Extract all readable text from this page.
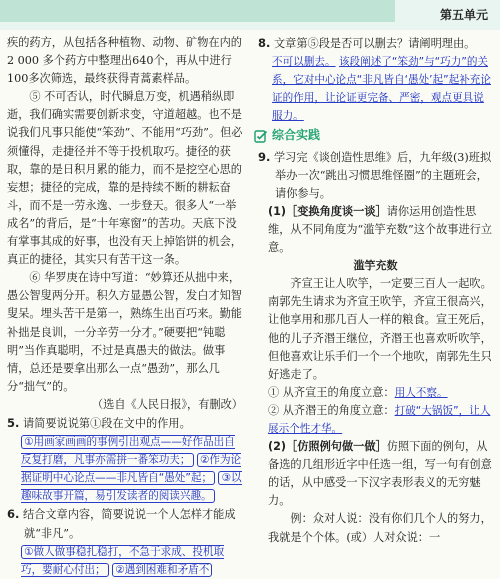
第五单元

疾的药方，从包括各种植物、动物、矿物在内的2 000 多个药方中整理出640个，再从中进行100多次筛选，最终获得青蒿素样品。

⑤ 不可否认，时代瞬息万变，机遇稍纵即逝，我们确实需要创新求变，守道超越。也不是说我们凡事只能使“笨劲”、不能用“巧劲”。但必须懂得，走捷径并不等于投机取巧。捷径的获取，靠的是日积月累的能力，而不是挖空心思的妄想；捷径的完成，靠的是持续不断的耕耘奋斗，而不是一劳永逸、一步登天。很多人“一举成名”的背后，是“十年寒窗”的苦功。天底下没有掌事其成的好事，也没有天上掉馅饼的机会，真正的捷径，其实只有苦干这一条。

⑥ 华罗庚在诗中写道：“妙算还从拙中来，愚公智叟两分开。积久方显愚公智，发白才知智叟呆。埋头苦干是第一，熟练生出百巧来。勤能补拙是良训，一分辛劳一分才。”硬要把“钝聪明”当作真聪明，不过是真愚夫的做法。做事情，总还是要拿出那么一点“愚劲”，那么几分“拙气”的。

（选自《人民日报》，有删改）

5. 请简要说说第①段在文中的作用。

①用画家画画的事例引出观点——好作品出自反复打磨，凡事亦需拼一番笨功夫； ②作为论据证明中心论点——非凡皆自“愚处”起； ③以趣味故事开篇，易引发读者的阅读兴趣。

6. 结合文章内容，简要说说一个人怎样才能成就“非凡”。

①做人做事稳扎稳打，不急于求成、投机取巧，要耐心付出； ②遇到困难和矛盾不

8. 文章第⑤段是否可以删去？请阐明理由。

不可以删去。 该段阐述了“笨劲”与“巧力”的关系，它对中心论点“非凡皆自‘愚处’起”起补充论证的作用，让论证更完备、严密，观点更具说服力。

综合实践

9. 学习完《谈创造性思维》后，九年级(3)班拟举办一次“跳出习惯思维怪圈”的主题班会，请你参与。

(1)［变换角度谈一谈］请你运用创造性思维，从不同角度为“滥竽充数”这个故事进行立意。

滥竽充数

齐宣王让人吹竽，一定要三百人一起吹。南郭先生请求为齐宣王吹竽，齐宣王很高兴，让他享用和那几百人一样的粮食。宣王死后，他的儿子齐湣王继位，齐湣王也喜欢听吹竽，但他喜欢让乐手们一个一个地吹，南郭先生只好逃走了。

① 从齐宣王的角度立意：用人不察。

② 从齐湣王的角度立意：打破“大锅饭”，让人展示个性才华。

(2)［仿照例句做一做］仿照下面的例句，从备选的几组形近字中任选一组，写一句有创意的话，从中感受一下汉字表形表义的无穷魅力。

例：众对人说：没有你们几个人的努力，我就是个个体。(或）人对众说：一
